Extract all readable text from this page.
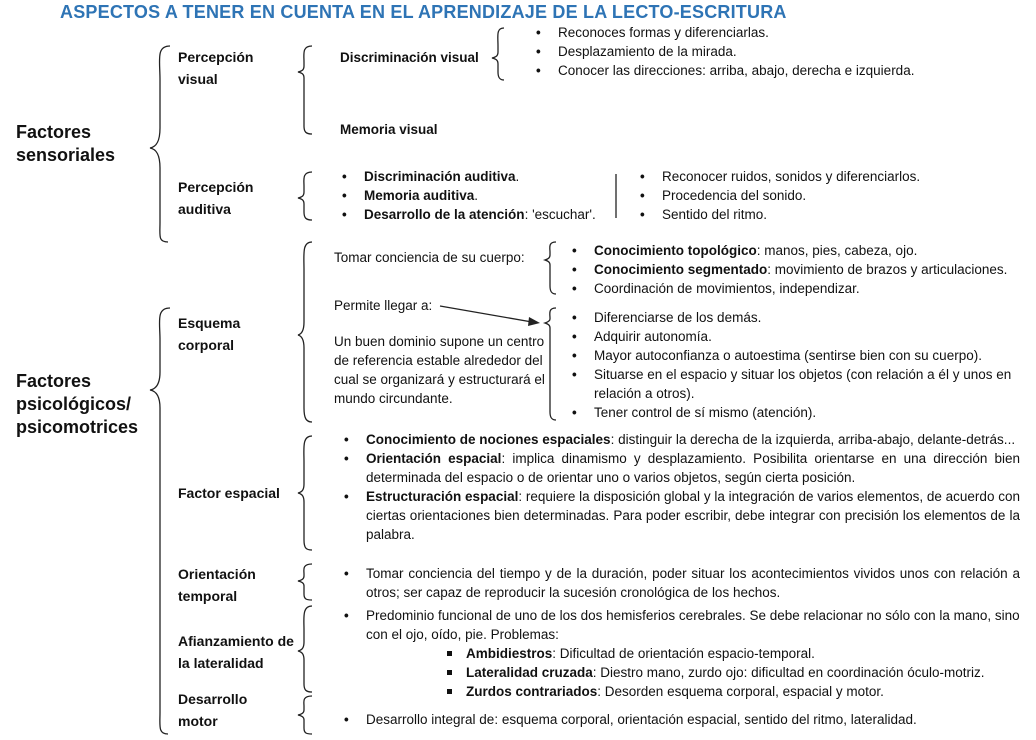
ASPECTOS A TENER EN CUENTA EN EL APRENDIZAJE DE LA LECTO-ESCRITURA
Factores sensoriales
Factores psicológicos/ psicomotrices
Percepción visual
Percepción auditiva
Esquema corporal
Factor espacial
Orientación temporal
Afianzamiento de la lateralidad
Desarrollo motor
Discriminación visual
• Reconoces formas y diferenciarlas.
• Desplazamiento de la mirada.
• Conocer las direcciones: arriba, abajo, derecha e izquierda.
Memoria visual
• Discriminación auditiva.
• Memoria auditiva.
• Desarrollo de la atención: 'escuchar'.
• Reconocer ruidos, sonidos y diferenciarlos.
• Procedencia del sonido.
• Sentido del ritmo.
Tomar conciencia de su cuerpo:
•	Conocimiento topológico: manos, pies, cabeza, ojo.
• Conocimiento segmentado: movimiento de brazos y articulaciones.
• Coordinación de movimientos, independizar.
Permite llegar a:
Un buen dominio supone un centro de referencia estable alrededor del cual se organizará y estructurará el mundo circundante.
• Diferenciarse de los demás.
• Adquirir autonomía.
• Mayor autoconfianza o autoestima (sentirse bien con su cuerpo).
• Situarse en el espacio y situar los objetos (con relación a él y unos en relación a otros).
• Tener control de sí mismo (atención).
• Conocimiento de nociones espaciales: distinguir la derecha de la izquierda, arriba-abajo, delante-detrás...
• Orientación espacial: implica dinamismo y desplazamiento. Posibilita orientarse en una dirección bien determinada del espacio o de orientar uno o varios objetos, según cierta posición.
• Estructuración espacial: requiere la disposición global y la integración de varios elementos, de acuerdo con ciertas orientaciones bien determinadas. Para poder escribir, debe integrar con precisión los elementos de la palabra.
• Tomar conciencia del tiempo y de la duración, poder situar los acontecimientos vividos unos con relación a otros; ser capaz de reproducir la sucesión cronológica de los hechos.
• Predominio funcional de uno de los dos hemisferios cerebrales. Se debe relacionar no sólo con la mano, sino con el ojo, oído, pie. Problemas:
Ambidiestros: Dificultad de orientación espacio-temporal.
Lateralidad cruzada: Diestro mano, zurdo ojo: dificultad en coordinación óculo-motriz.
Zurdos contrariados: Desorden esquema corporal, espacial y motor.
• Desarrollo integral de: esquema corporal, orientación espacial, sentido del ritmo, lateralidad.
